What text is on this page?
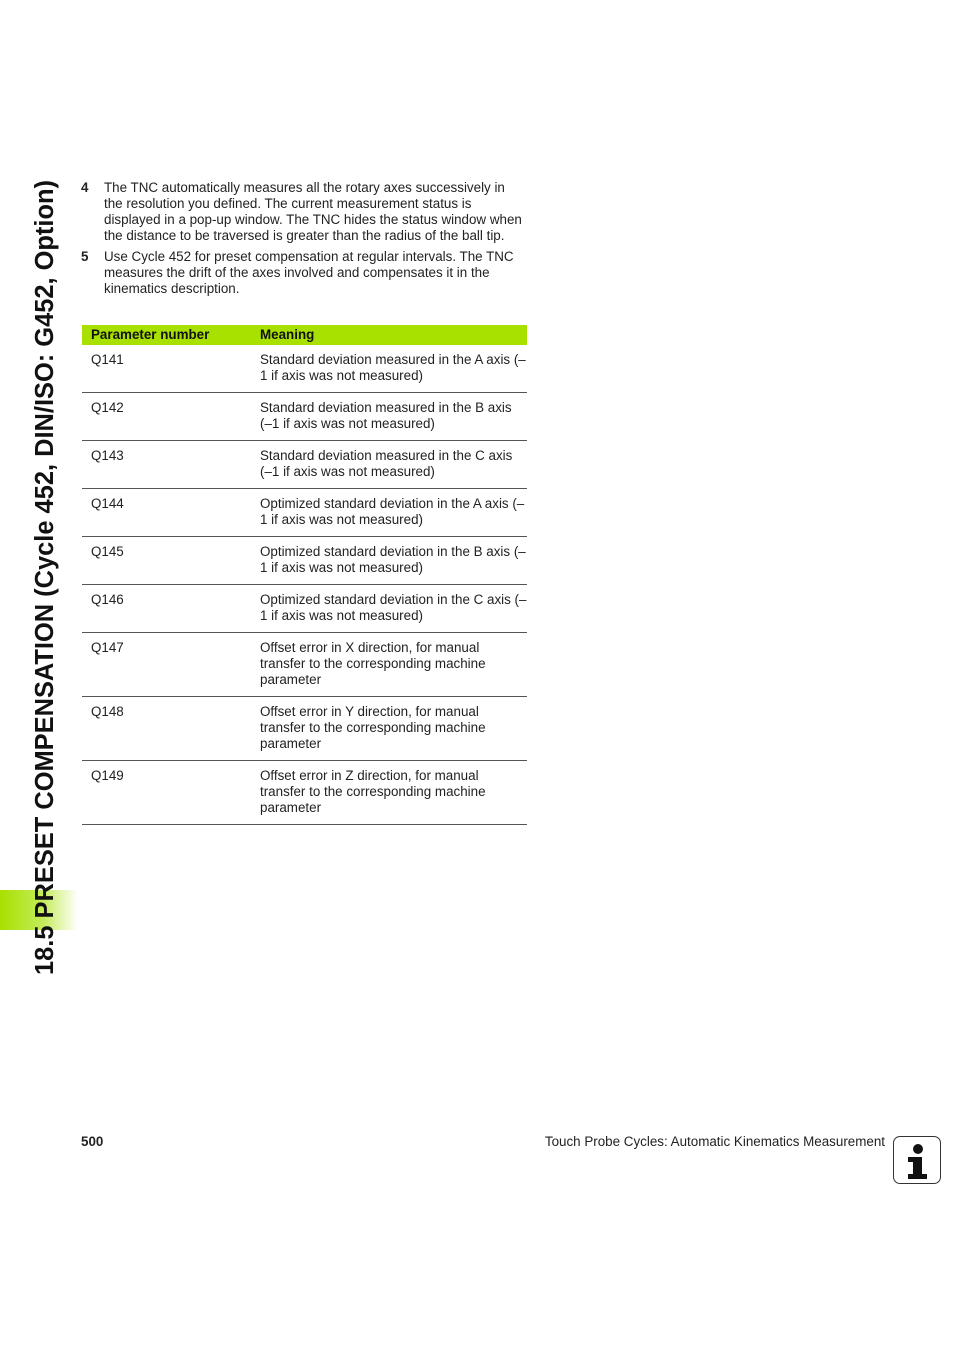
18.5 PRESET COMPENSATION (Cycle 452, DIN/ISO: G452, Option) 4	The TNC automatically measures all the rotary axes successively in the resolution you defined. The current measurement status is displayed in a pop-up window. The TNC hides the status window when the distance to be traversed is greater than the radius of the ball tip.
5	Use Cycle 452 for preset compensation at regular intervals. The TNC measures the drift of the axes involved and compensates it in the kinematics description.
Parameter number	Meaning
Q141	Standard deviation measured in the A axis (–1 if axis was not measured)
Q142	Standard deviation measured in the B axis (–1 if axis was not measured)
Q143	Standard deviation measured in the C axis (–1 if axis was not measured)
Q144	Optimized standard deviation in the A axis (–1 if axis was not measured)
Q145	Optimized standard deviation in the B axis (–1 if axis was not measured)
Q146	Optimized standard deviation in the C axis (–1 if axis was not measured)
Q147	Offset error in X direction, for manual transfer to the corresponding machine parameter
Q148	Offset error in Y direction, for manual transfer to the corresponding machine parameter
Q149	Offset error in Z direction, for manual transfer to the corresponding machine parameter
500	Touch Probe Cycles: Automatic Kinematics Measurement
